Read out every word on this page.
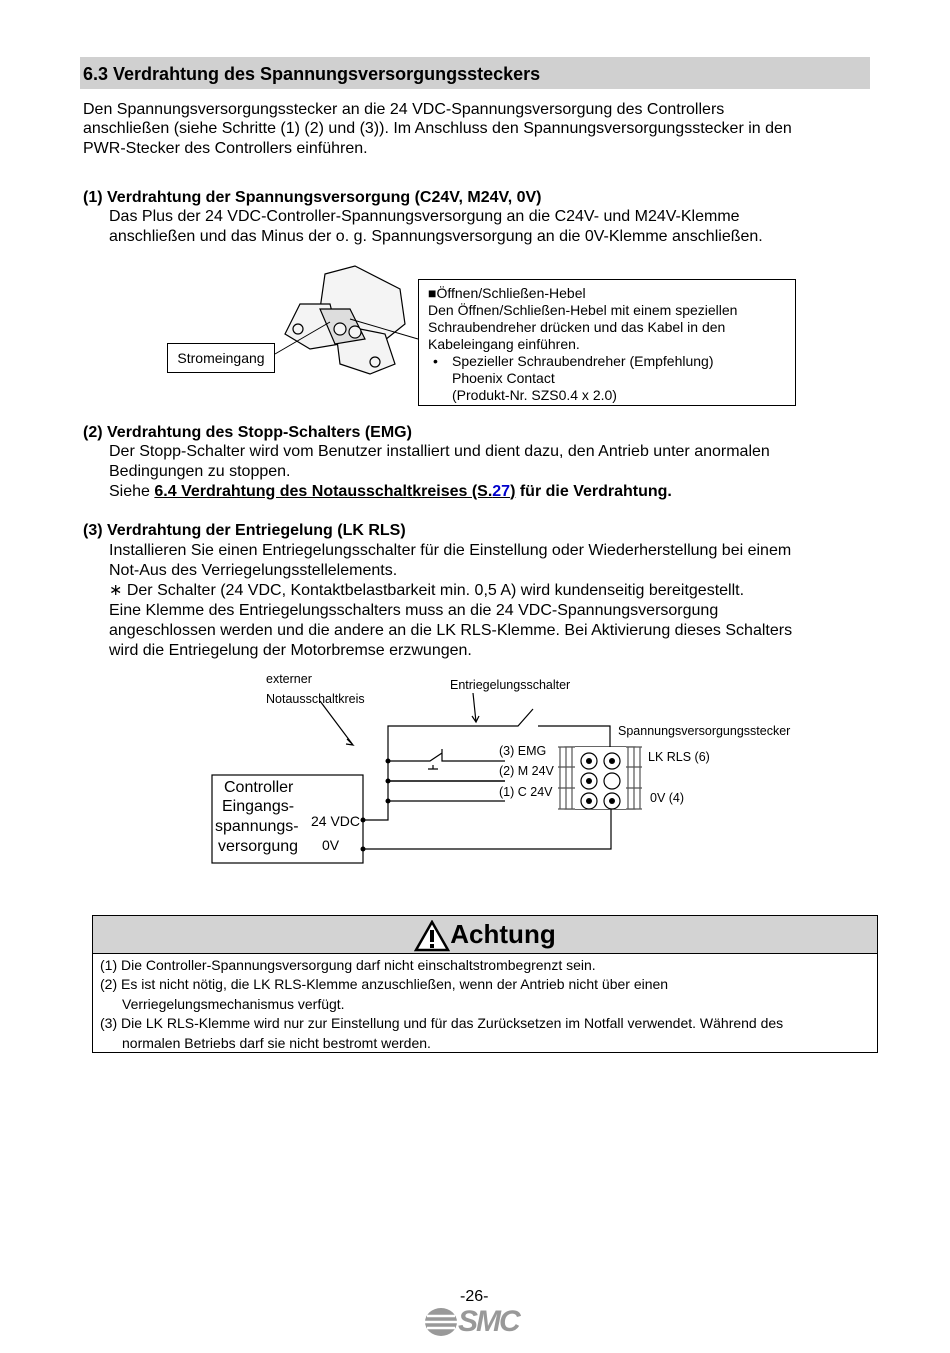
6.3 Verdrahtung des Spannungsversorgungssteckers
Den Spannungsversorgungsstecker an die 24 VDC-Spannungsversorgung des Controllers
anschließen (siehe Schritte (1) (2) und (3)). Im Anschluss den Spannungsversorgungsstecker in den
PWR-Stecker des Controllers einführen.
(1) Verdrahtung der Spannungsversorgung (C24V, M24V, 0V)
Das Plus der 24 VDC-Controller-Spannungsversorgung an die C24V- und M24V-Klemme
anschließen und das Minus der o. g. Spannungsversorgung an die 0V-Klemme anschließen.
Stromeingang
■Öffnen/Schließen-Hebel
Den Öffnen/Schließen-Hebel mit einem speziellen
Schraubendreher drücken und das Kabel in den
Kabeleingang einführen.
• Spezieller Schraubendreher (Empfehlung)
Phoenix Contact
(Produkt-Nr. SZS0.4 x 2.0)
(2) Verdrahtung des Stopp-Schalters (EMG)
Der Stopp-Schalter wird vom Benutzer installiert und dient dazu, den Antrieb unter anormalen
Bedingungen zu stoppen.
Siehe 6.4 Verdrahtung des Notausschaltkreises (S.27) für die Verdrahtung.
(3) Verdrahtung der Entriegelung (LK RLS)
Installieren Sie einen Entriegelungsschalter für die Einstellung oder Wiederherstellung bei einem
Not-Aus des Verriegelungsstellelements.
∗ Der Schalter (24 VDC, Kontaktbelastbarkeit min. 0,5 A) wird kundenseitig bereitgestellt.
Eine Klemme des Entriegelungsschalters muss an die 24 VDC-Spannungsversorgung
angeschlossen werden und die andere an die LK RLS-Klemme. Bei Aktivierung dieses Schalters
wird die Entriegelung der Motorbremse erzwungen.
externer
Notausschaltkreis
Entriegelungsschalter
Spannungsversorgungsstecker
(3) EMG
(2) M 24V
(1) C 24V
LK RLS (6)
0V (4)
Controller
Eingangs-
spannungs-
versorgung
24 VDC
0V
Achtung
(1) Die Controller-Spannungsversorgung darf nicht einschaltstrombegrenzt sein.
(2) Es ist nicht nötig, die LK RLS-Klemme anzuschließen, wenn der Antrieb nicht über einen
Verriegelungsmechanismus verfügt.
(3) Die LK RLS-Klemme wird nur zur Einstellung und für das Zurücksetzen im Notfall verwendet. Während des
normalen Betriebs darf sie nicht bestromt werden.
-26-
SMC
